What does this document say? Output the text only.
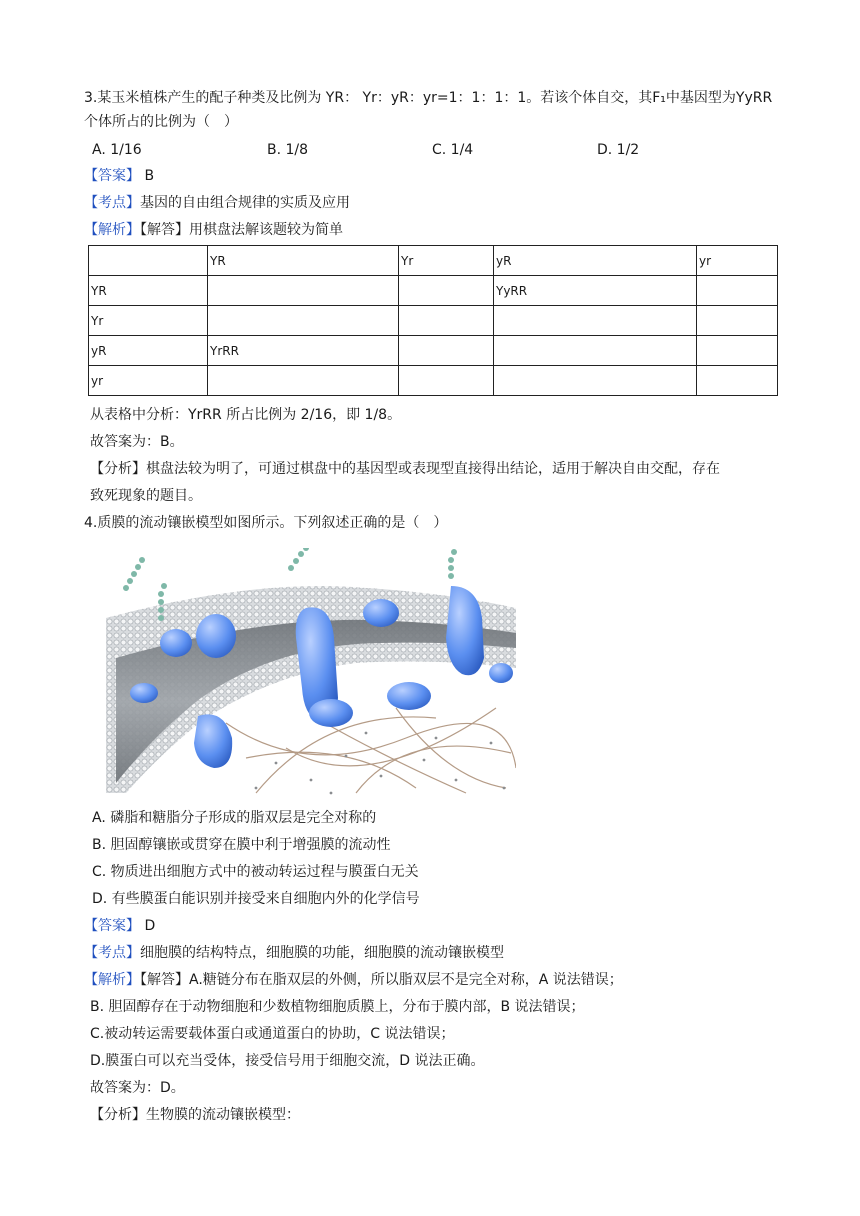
3.某玉米植株产生的配子种类及比例为 YR： Yr：yR：yr=1：1：1：1。若该个体自交，其F₁中基因型为YyRR
个体所占的比例为（　）
A. 1/16	B. 1/8	C. 1/4	D. 1/2
【答案】 B
【考点】基因的自由组合规律的实质及应用
【解析】【解答】用棋盘法解该题较为简单
	YR	Yr	yR	yr
YR			YyRR	
Yr				
yR	YrRR			
yr				
从表格中分析：YrRR 所占比例为 2/16，即 1/8。
故答案为：B。
【分析】棋盘法较为明了，可通过棋盘中的基因型或表现型直接得出结论，适用于解决自由交配，存在
致死现象的题目。
4.质膜的流动镶嵌模型如图所示。下列叙述正确的是（　）
A. 磷脂和糖脂分子形成的脂双层是完全对称的
B. 胆固醇镶嵌或贯穿在膜中利于增强膜的流动性
C. 物质进出细胞方式中的被动转运过程与膜蛋白无关
D. 有些膜蛋白能识别并接受来自细胞内外的化学信号
【答案】 D
【考点】细胞膜的结构特点，细胞膜的功能，细胞膜的流动镶嵌模型
【解析】【解答】A.糖链分布在脂双层的外侧，所以脂双层不是完全对称，A 说法错误；
B. 胆固醇存在于动物细胞和少数植物细胞质膜上，分布于膜内部，B 说法错误；
C.被动转运需要载体蛋白或通道蛋白的协助，C 说法错误；
D.膜蛋白可以充当受体，接受信号用于细胞交流，D 说法正确。
故答案为：D。
【分析】生物膜的流动镶嵌模型：
